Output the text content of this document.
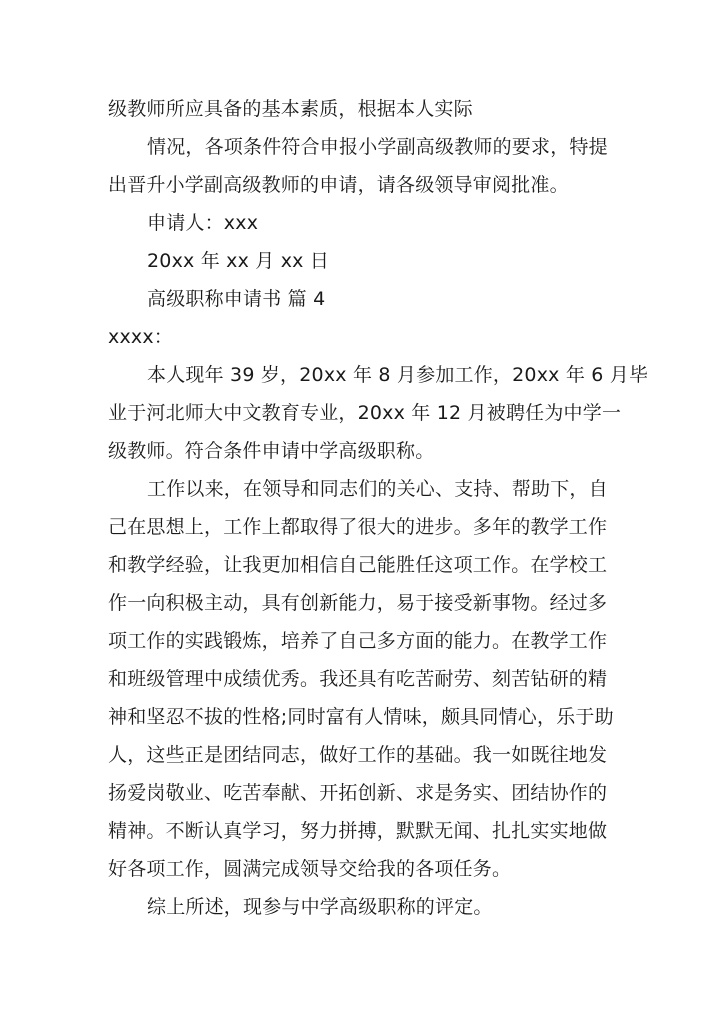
级教师所应具备的基本素质，根据本人实际
情况，各项条件符合申报小学副高级教师的要求，特提
出晋升小学副高级教师的申请，请各级领导审阅批准。
申请人：xxx
20xx 年 xx 月 xx 日
高级职称申请书 篇 4
xxxx：
本人现年 39 岁，20xx 年 8 月参加工作，20xx 年 6 月毕
业于河北师大中文教育专业，20xx 年 12 月被聘任为中学一
级教师。符合条件申请中学高级职称。
工作以来，在领导和同志们的关心、支持、帮助下，自
己在思想上，工作上都取得了很大的进步。多年的教学工作
和教学经验，让我更加相信自己能胜任这项工作。在学校工
作一向积极主动，具有创新能力，易于接受新事物。经过多
项工作的实践锻炼，培养了自己多方面的能力。在教学工作
和班级管理中成绩优秀。我还具有吃苦耐劳、刻苦钻研的精
神和坚忍不拔的性格;同时富有人情味，颇具同情心，乐于助
人，这些正是团结同志，做好工作的基础。我一如既往地发
扬爱岗敬业、吃苦奉献、开拓创新、求是务实、团结协作的
精神。不断认真学习，努力拼搏，默默无闻、扎扎实实地做
好各项工作，圆满完成领导交给我的各项任务。
综上所述，现参与中学高级职称的评定。
